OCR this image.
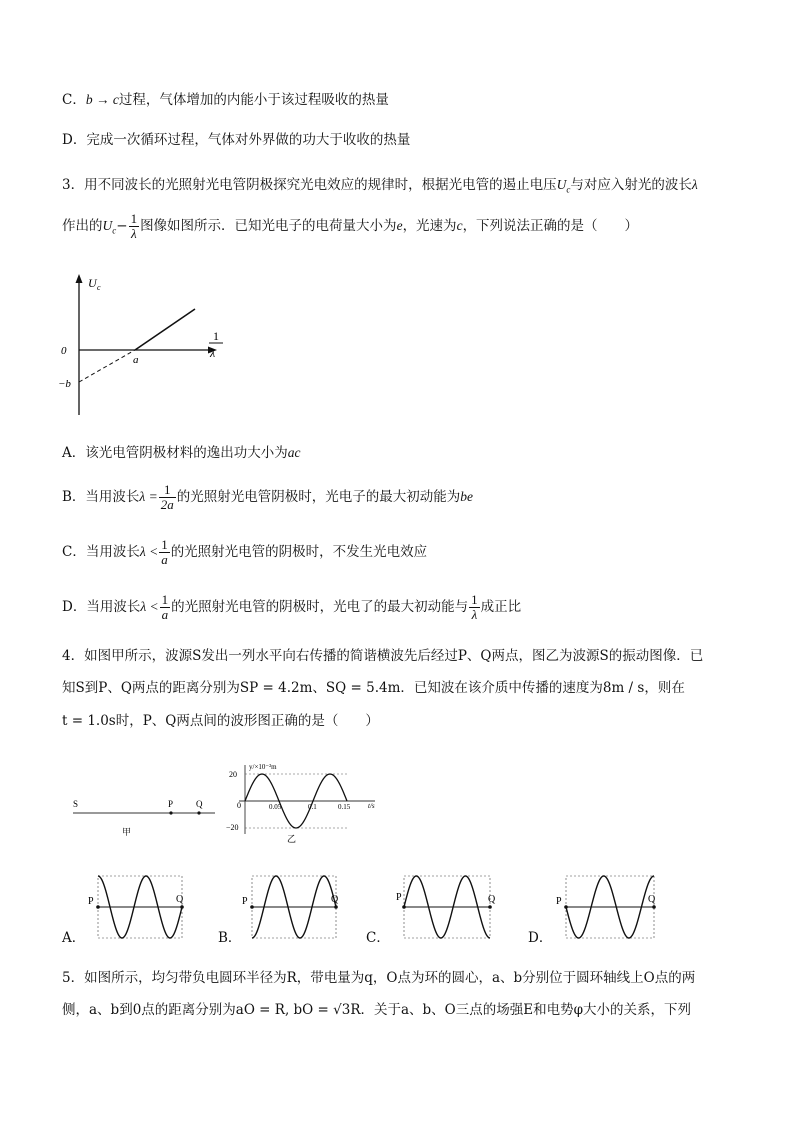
C．b → c过程，气体增加的内能小于该过程吸收的热量
D．完成一次循环过程，气体对外界做的功大于收收的热量
3．用不同波长的光照射光电管阴极探究光电效应的规律时，根据光电管的遏止电压$U_c$与对应入射光的波长λ
作出的$U_c- \frac{1}{\lambda}$ 图像如图所示．已知光电子的电荷量大小为e，光速为c，下列说法正确的是（　　）
U c
0
a
−b
1
λ
A．该光电管阴极材料的逸出功大小为ac
B．当用波长$\lambda = \frac{1}{2a}$ 的光照射光电管阴极时，光电子的最大初动能为be
C．当用波长$\lambda < \frac{1}{a}$ 的光照射光电管的阴极时，不发生光电效应
D．当用波长$\lambda < \frac{1}{a}$ 的光照射光电管的阴极时，光电了的最大初动能与 $\frac{1}{\lambda}$ 成正比
4．如图甲所示，波源S发出一列水平向右传播的简谐横波先后经过P、Q两点，图乙为波源S的振动图像．已
知S到P、Q两点的距离分别为SP = 4.2m、SQ = 5.4m．已知波在该介质中传播的速度为8m / s，则在
t = 1.0s时，P、Q两点间的波形图正确的是（　　）
S	P	Q
甲
y/×10⁻²m
t/s
20
−20
0	0.05	0.1	0.15
乙
A．
P	Q
B．
P	Q
C．
P	Q
D．
P	Q
5．如图所示，均匀带负电圆环半径为R，带电量为q，O点为环的圆心，a、b分别位于圆环轴线上O点的两
侧，a、b到0点的距离分别为aO = R, bO = √3R．关于a、b、O三点的场强E和电势φ大小的关系，下列
